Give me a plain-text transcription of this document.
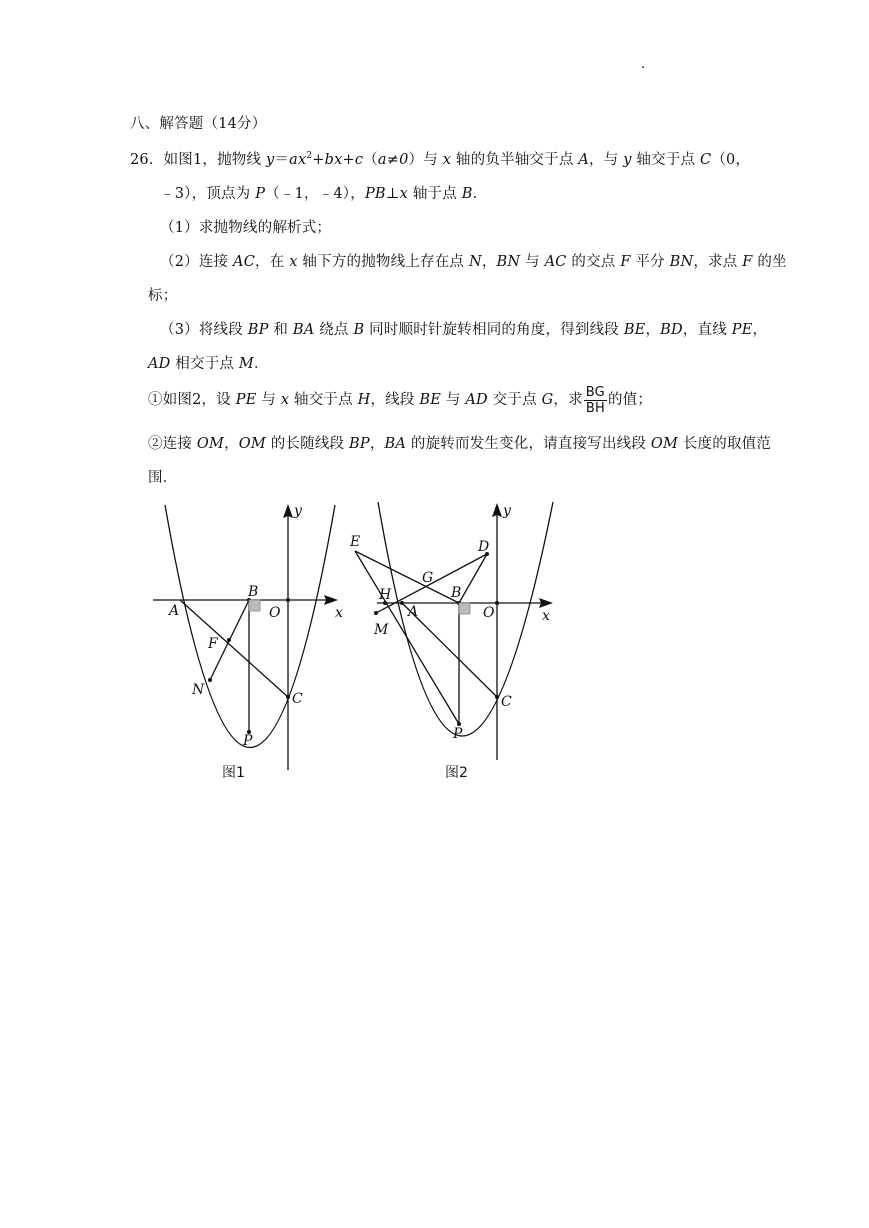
八、解答题（14分）
26．如图1，抛物线 $y=ax^2+bx+c(a\ne 0)$与 x 轴的负半轴交于点 A，与 y 轴交于点 C（0，
﹣3），顶点为 P（﹣1，﹣4），PB⊥x 轴于点 B．
（1）求抛物线的解析式；
（2）连接 AC，在 x 轴下方的抛物线上存在点 N，BN 与 AC 的交点 F 平分 BN，求点 F 的坐
标；
（3）将线段 BP 和 BA 绕点 B 同时顺时针旋转相同的角度，得到线段 BE，BD，直线 PE，
AD 相交于点 M．
①如图2，设 PE 与 x 轴交于点 H，线段 BE 与 AD 交于点 G，求 $\frac{BG}{BH}$ 的值；
②连接 OM，OM 的长随线段 BP，BA 的旋转而发生变化，请直接写出线段 OM 长度的取值范
围．
y
x
A
B
O
F
N
C
P
图1
y
x
E	D
G
H	B
A	O
M
C
P
图2
